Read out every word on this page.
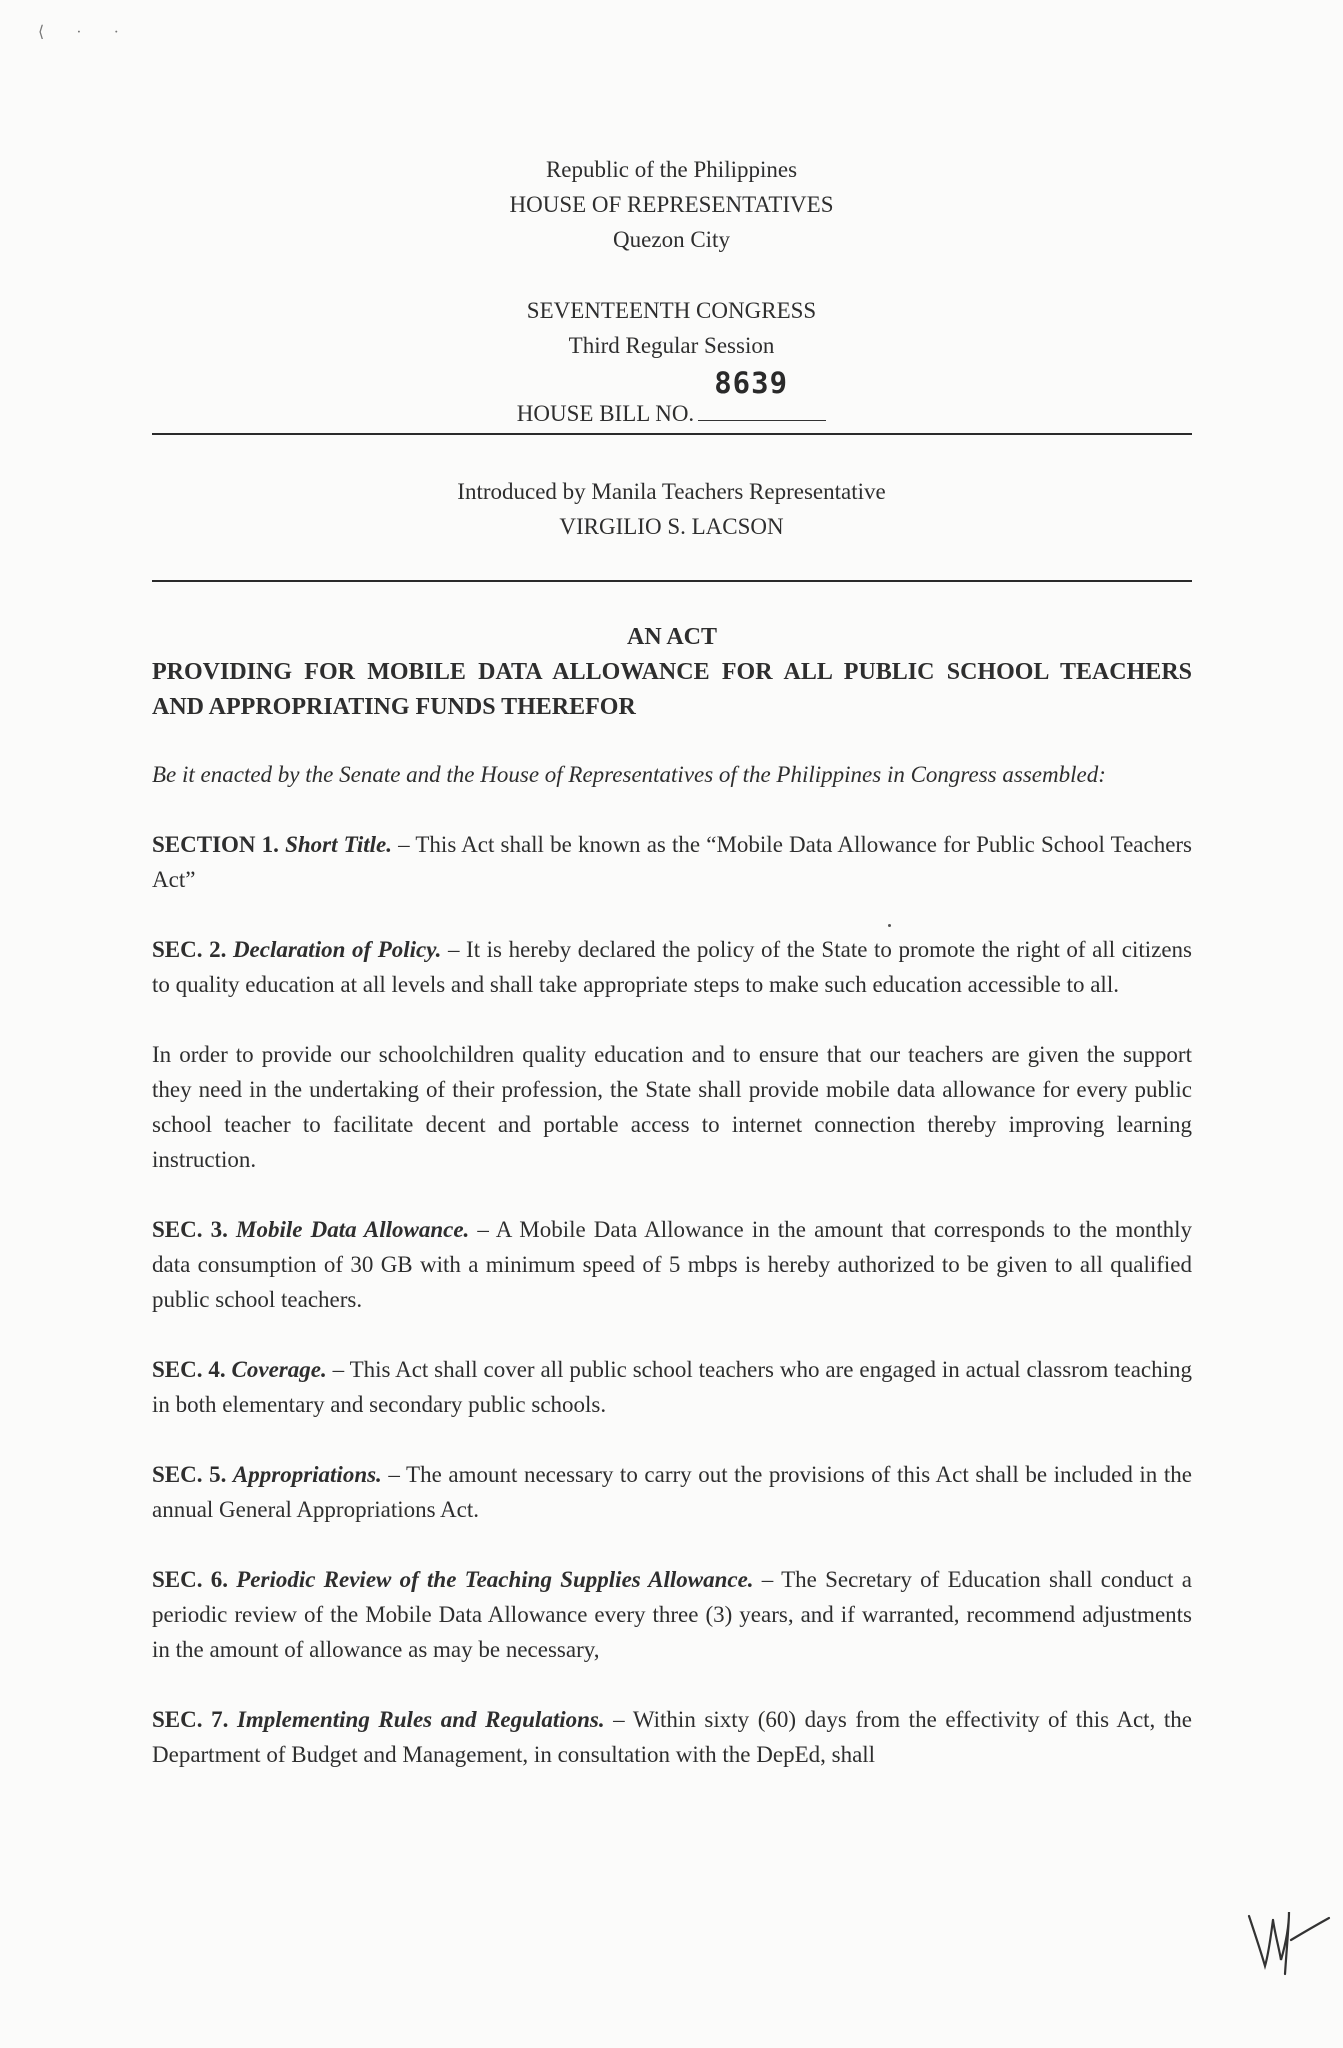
⟨ · ·
Republic of the Philippines
HOUSE OF REPRESENTATIVES
Quezon City
SEVENTEENTH CONGRESS
Third Regular Session
HOUSE BILL NO.
8639
Introduced by Manila Teachers Representative
VIRGILIO S. LACSON
AN ACT
PROVIDING FOR MOBILE DATA ALLOWANCE FOR ALL PUBLIC SCHOOL TEACHERS AND APPROPRIATING FUNDS THEREFOR

Be it enacted by the Senate and the House of Representatives of the Philippines in Congress assembled:

SECTION 1. Short Title. – This Act shall be known as the “Mobile Data Allowance for Public School Teachers Act”

SEC. 2. Declaration of Policy. – It is hereby declared the policy of the State to promote the right of all citizens to quality education at all levels and shall take appropriate steps to make such education accessible to all.

In order to provide our schoolchildren quality education and to ensure that our teachers are given the support they need in the undertaking of their profession, the State shall provide mobile data allowance for every public school teacher to facilitate decent and portable access to internet connection thereby improving learning instruction.

SEC. 3. Mobile Data Allowance. – A Mobile Data Allowance in the amount that corresponds to the monthly data consumption of 30 GB with a minimum speed of 5 mbps is hereby authorized to be given to all qualified public school teachers.

SEC. 4. Coverage. – This Act shall cover all public school teachers who are engaged in actual classrom teaching in both elementary and secondary public schools.

SEC. 5. Appropriations. – The amount necessary to carry out the provisions of this Act shall be included in the annual General Appropriations Act.

SEC. 6. Periodic Review of the Teaching Supplies Allowance. – The Secretary of Education shall conduct a periodic review of the Mobile Data Allowance every three (3) years, and if warranted, recommend adjustments in the amount of allowance as may be necessary,

SEC. 7. Implementing Rules and Regulations. – Within sixty (60) days from the effectivity of this Act, the Department of Budget and Management, in consultation with the DepEd, shall
